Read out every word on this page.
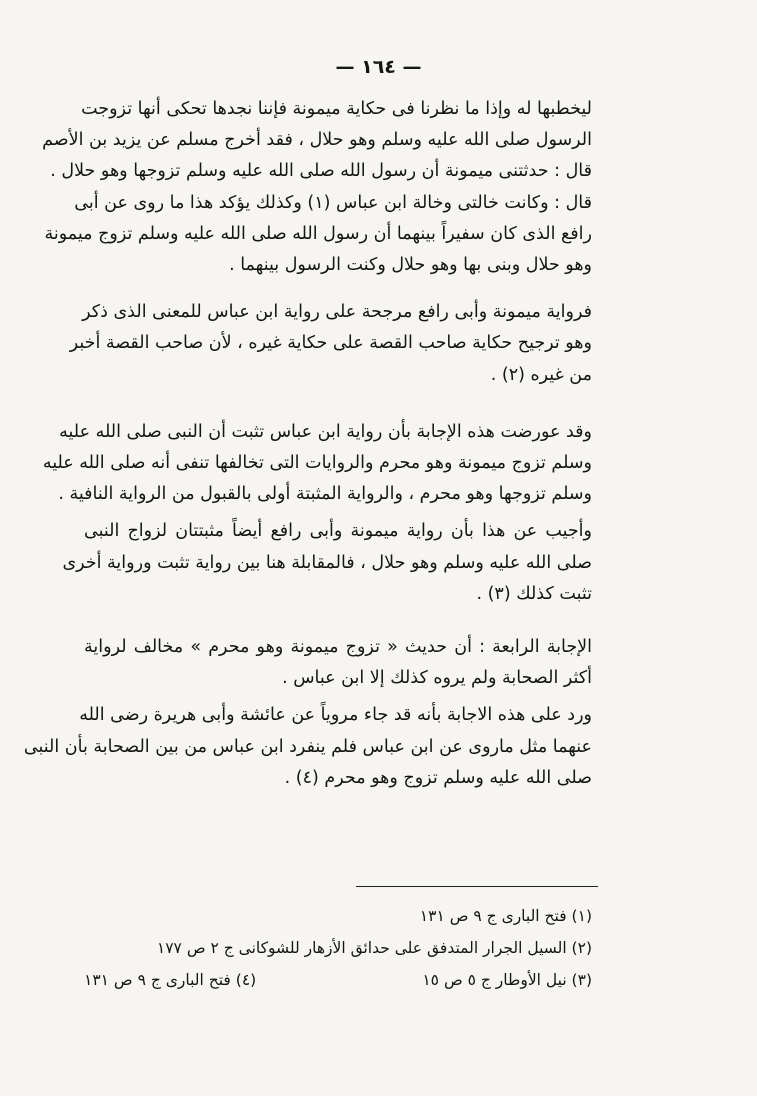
— ١٦٤ —
ليخطبها له وإذا ما نظرنا فى حكاية ميمونة فإننا نجدها تحكى أنها تزوجت
الرسول صلى الله عليه وسلم وهو حلال ، فقد أخرج مسلم عن يزيد بن الأصم
قال : حدثتنى ميمونة أن رسول الله صلى الله عليه وسلم تزوجها وهو حلال .
قال : وكانت خالتى وخالة ابن عباس (١) وكذلك يؤكد هذا ما روى عن أبى
رافع الذى كان سفيراً بينهما أن رسول الله صلى الله عليه وسلم تزوج ميمونة
وهو حلال وبنى بها وهو حلال وكنت الرسول بينهما .
فرواية ميمونة وأبى رافع مرجحة على رواية ابن عباس للمعنى الذى ذكر
وهو ترجيح حكاية صاحب القصة على حكاية غيره ، لأن صاحب القصة أخبر
من غيره (٢) .
وقد عورضت هذه الإجابة بأن رواية ابن عباس تثبت أن النبى صلى الله عليه
وسلم تزوج ميمونة وهو محرم والروايات التى تخالفها تنفى أنه صلى الله عليه
وسلم تزوجها وهو محرم ، والرواية المثبتة أولى بالقبول من الرواية النافية .
وأجيب عن هذا بأن رواية ميمونة وأبى رافع أيضاً مثبتتان لزواج النبى
صلى الله عليه وسلم وهو حلال ، فالمقابلة هنا بين رواية تثبت ورواية أخرى
تثبت كذلك (٣) .
الإجابة الرابعة : أن حديث « تزوج ميمونة وهو محرم » مخالف لرواية
أكثر الصحابة ولم يروه كذلك إلا ابن عباس .
ورد على هذه الاجابة بأنه قد جاء مروياً عن عائشة وأبى هريرة رضى الله
عنهما مثل ماروى عن ابن عباس فلم ينفرد ابن عباس من بين الصحابة بأن النبى
صلى الله عليه وسلم تزوج وهو محرم (٤) .
(١) فتح البارى ج ٩ ص ١٣١
(٢) السيل الجرار المتدفق على حدائق الأزهار للشوكانى ج ٢ ص ١٧٧
(٣) نيل الأوطار ج ٥ ص ١٥
(٤) فتح البارى ج ٩ ص ١٣١
